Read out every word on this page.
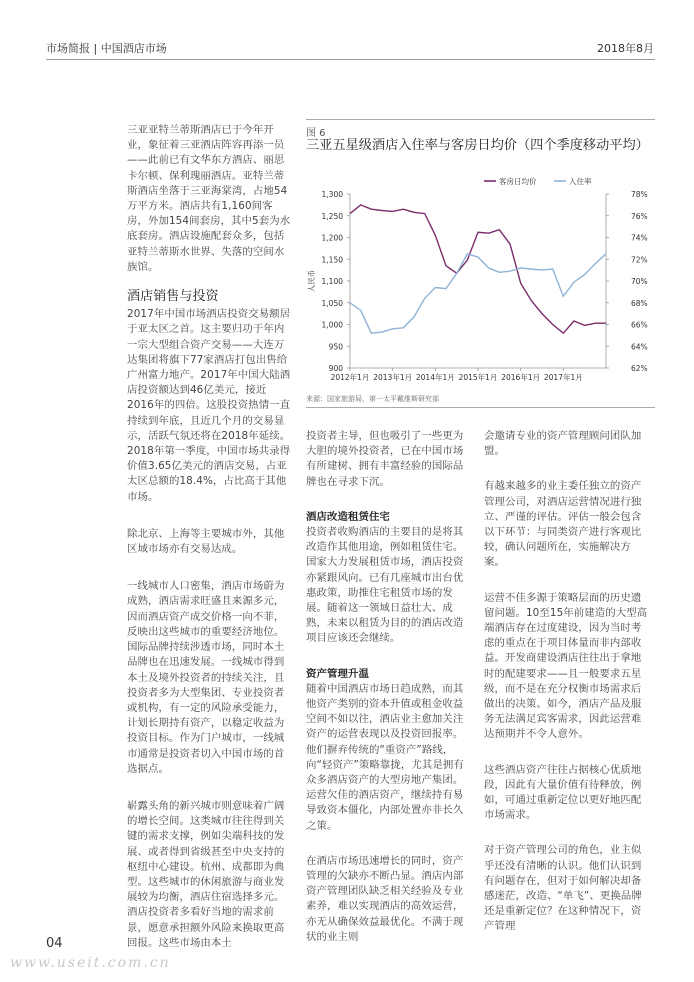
市场简报 | 中国酒店市场	2018年8月

三亚亚特兰蒂斯酒店已于今年开业，象征着三亚酒店阵容再添一员——此前已有文华东方酒店、丽思卡尔顿、保利瑰丽酒店。亚特兰蒂斯酒店坐落于三亚海棠湾，占地54万平方米。酒店共有1,160间客房，外加154间套房，其中5套为水底套房。酒店设施配套众多，包括亚特兰蒂斯水世界、失落的空间水族馆。

酒店销售与投资

2017年中国市场酒店投资交易额居于亚太区之首。这主要归功于年内一宗大型组合资产交易——大连万达集团将旗下77家酒店打包出售给广州富力地产。2017年中国大陆酒店投资额达到46亿美元，接近2016年的四倍。这股投资热情一直持续到年底，且近几个月的交易显示，活跃气氛还将在2018年延续。2018年第一季度，中国市场共录得价值3.65亿美元的酒店交易，占亚太区总额的18.4%，占比高于其他市场。

除北京、上海等主要城市外，其他区域市场亦有交易达成。

一线城市人口密集，酒店市场蔚为成熟，酒店需求旺盛且来源多元，因而酒店资产成交价格一向不菲，反映出这些城市的重要经济地位。国际品牌持续涉透市场，同时本土品牌也在迅速发展。一线城市得到本土及境外投资者的持续关注，且投资者多为大型集团、专业投资者或机构，有一定的风险承受能力，计划长期持有资产，以稳定收益为投资目标。作为门户城市，一线城市通常是投资者切入中国市场的首选据点。

崭露头角的新兴城市则意味着广阔的增长空间。这类城市往往得到关键的需求支撑，例如尖端科技的发展、或者得到省级甚至中央支持的枢纽中心建设。杭州、成都即为典型。这些城市的休闲旅游与商业发展较为均衡，酒店住宿选择多元。酒店投资者多看好当地的需求前景，愿意承担额外风险来换取更高回报。这些市场由本土

图 6
三亚五星级酒店入住率与客房日均价（四个季度移动平均）
900
950
1,000
1,050
1,100
1,150
1,200
1,250
1,300
62%
64%
66%
68%
70%
72%
74%
76%
78%
2012年1月 2013年1月 2014年1月 2015年1月 2016年1月 2017年1月
人民币
客房日均价	入住率
来源：国家旅游局，第一太平戴维斯研究部

投资者主导，但也吸引了一些更为大胆的境外投资者，已在中国市场有所建树、拥有丰富经验的国际品牌也在寻求下沉。

酒店改造租赁住宅

投资者收购酒店的主要目的是将其改造作其他用途，例如租赁住宅。国家大力发展租赁市场，酒店投资亦紧跟风向。已有几座城市出台优惠政策，助推住宅租赁市场的发展。随着这一领域日益壮大、成熟，未来以租赁为目的的酒店改造项目应该还会继续。

资产管理升温

随着中国酒店市场日趋成熟，而其他资产类别的资本升值或租金收益空间不如以往，酒店业主愈加关注资产的运营表现以及投资回报率。他们摒弃传统的“重资产”路线，向“轻资产”策略靠拢，尤其是拥有众多酒店资产的大型房地产集团。运营欠佳的酒店资产，继续持有易导致资本僵化，内部处置亦非长久之策。

在酒店市场迅速增长的同时，资产管理的欠缺亦不断凸显。酒店内部资产管理团队缺乏相关经验及专业素养，难以实现酒店的高效运营，亦无从确保效益最优化。不满于现状的业主则

会邀请专业的资产管理顾问团队加盟。

有越来越多的业主委任独立的资产管理公司，对酒店运营情况进行独立、严谨的评估。评估一般会包含以下环节：与同类资产进行客观比较，确认问题所在，实施解决方案。

运营不佳多源于策略层面的历史遗留问题。10至15年前建造的大型高端酒店存在过度建设，因为当时考虑的重点在于项目体量而非内部收益。开发商建设酒店往往出于拿地时的配建要求——且一般要求五星级，而不是在充分权衡市场需求后做出的决策。如今，酒店产品及服务无法满足宾客需求，因此运营难达预期并不令人意外。

这些酒店资产往往占据核心优质地段，因此有大量价值有待释放，例如，可通过重新定位以更好地匹配市场需求。

对于资产管理公司的角色，业主似乎还没有清晰的认识。他们认识到有问题存在，但对于如何解决却备感迷茫，改造、“单飞”、更换品牌还是重新定位？在这种情况下，资产管理

04
www.useit.com.cn
